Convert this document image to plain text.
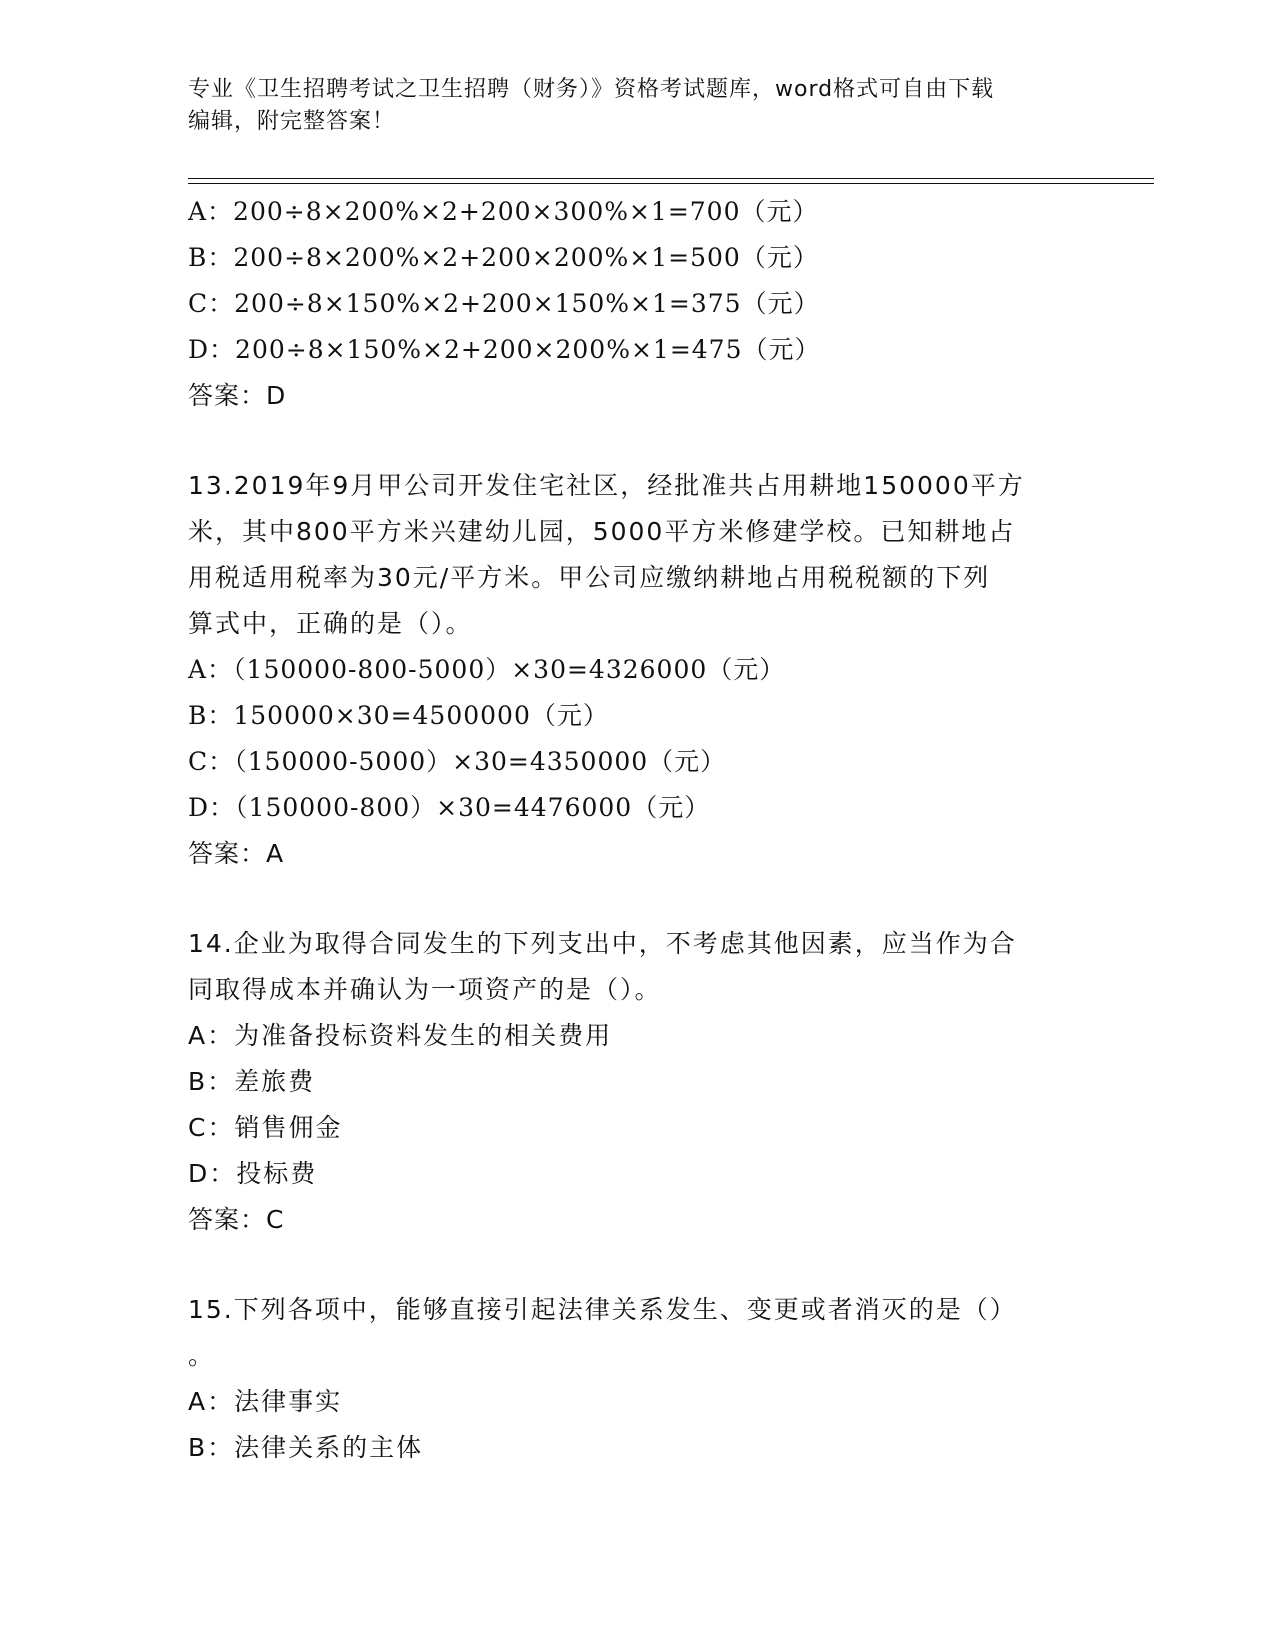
专业《卫生招聘考试之卫生招聘（财务）》资格考试题库，word格式可自由下载
编辑，附完整答案！
A：200÷8×200%×2+200×300%×1=700（元）
B：200÷8×200%×2+200×200%×1=500（元）
C：200÷8×150%×2+200×150%×1=375（元）
D：200÷8×150%×2+200×200%×1=475（元）
答案：D
13.2019年9月甲公司开发住宅社区，经批准共占用耕地150000平方
米，其中800平方米兴建幼儿园，5000平方米修建学校。已知耕地占
用税适用税率为30元/平方米。甲公司应缴纳耕地占用税税额的下列
算式中，正确的是（）。
A：（150000-800-5000）×30=4326000（元）
B：150000×30=4500000（元）
C：（150000-5000）×30=4350000（元）
D：（150000-800）×30=4476000（元）
答案：A
14.企业为取得合同发生的下列支出中，不考虑其他因素，应当作为合
同取得成本并确认为一项资产的是（）。
A：为准备投标资料发生的相关费用
B：差旅费
C：销售佣金
D：投标费
答案：C
15.下列各项中，能够直接引起法律关系发生、变更或者消灭的是（）
。
A：法律事实
B：法律关系的主体
